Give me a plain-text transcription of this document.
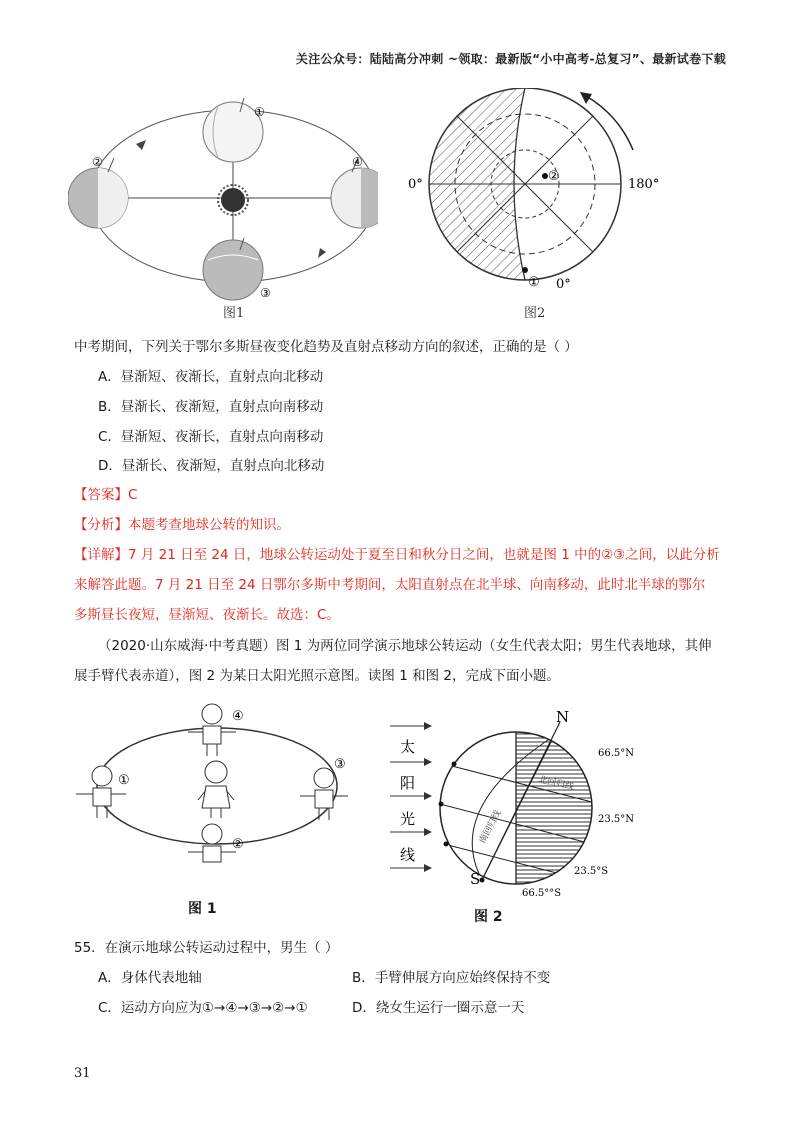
关注公众号：陆陆高分冲刺 ~领取：最新版“小中高考-总复习”、最新试卷下载
①
②
③
④
图1
②
①
0°	180°
0°
图2
中考期间，下列关于鄂尔多斯昼夜变化趋势及直射点移动方向的叙述，正确的是（ ）
A．昼渐短、夜渐长，直射点向北移动
B．昼渐长、夜渐短，直射点向南移动
C．昼渐短、夜渐长，直射点向南移动
D．昼渐长、夜渐短，直射点向北移动
【答案】C
【分析】本题考查地球公转的知识。
【详解】7 月 21 日至 24 日，地球公转运动处于夏至日和秋分日之间，也就是图 1 中的②③之间，以此分析
来解答此题。7 月 21 日至 24 日鄂尔多斯中考期间，太阳直射点在北半球、向南移动，此时北半球的鄂尔
多斯昼长夜短，昼渐短、夜渐长。故选：C。
（2020·山东威海·中考真题）图 1 为两位同学演示地球公转运动（女生代表太阳；男生代表地球，其伸
展手臂代表赤道），图 2 为某日太阳光照示意图。读图 1 和图 2，完成下面小题。
④
①
③
②
图 1
太
阳
光
线
N
S
66.5°N
23.5°N
23.5°S
66.5°°S
北回归线
南回归线
图 2
55．在演示地球公转运动过程中，男生（ ）
A．身体代表地轴	B．手臂伸展方向应始终保持不变
C．运动方向应为①→④→③→②→①	D．绕女生运行一圈示意一天
31
